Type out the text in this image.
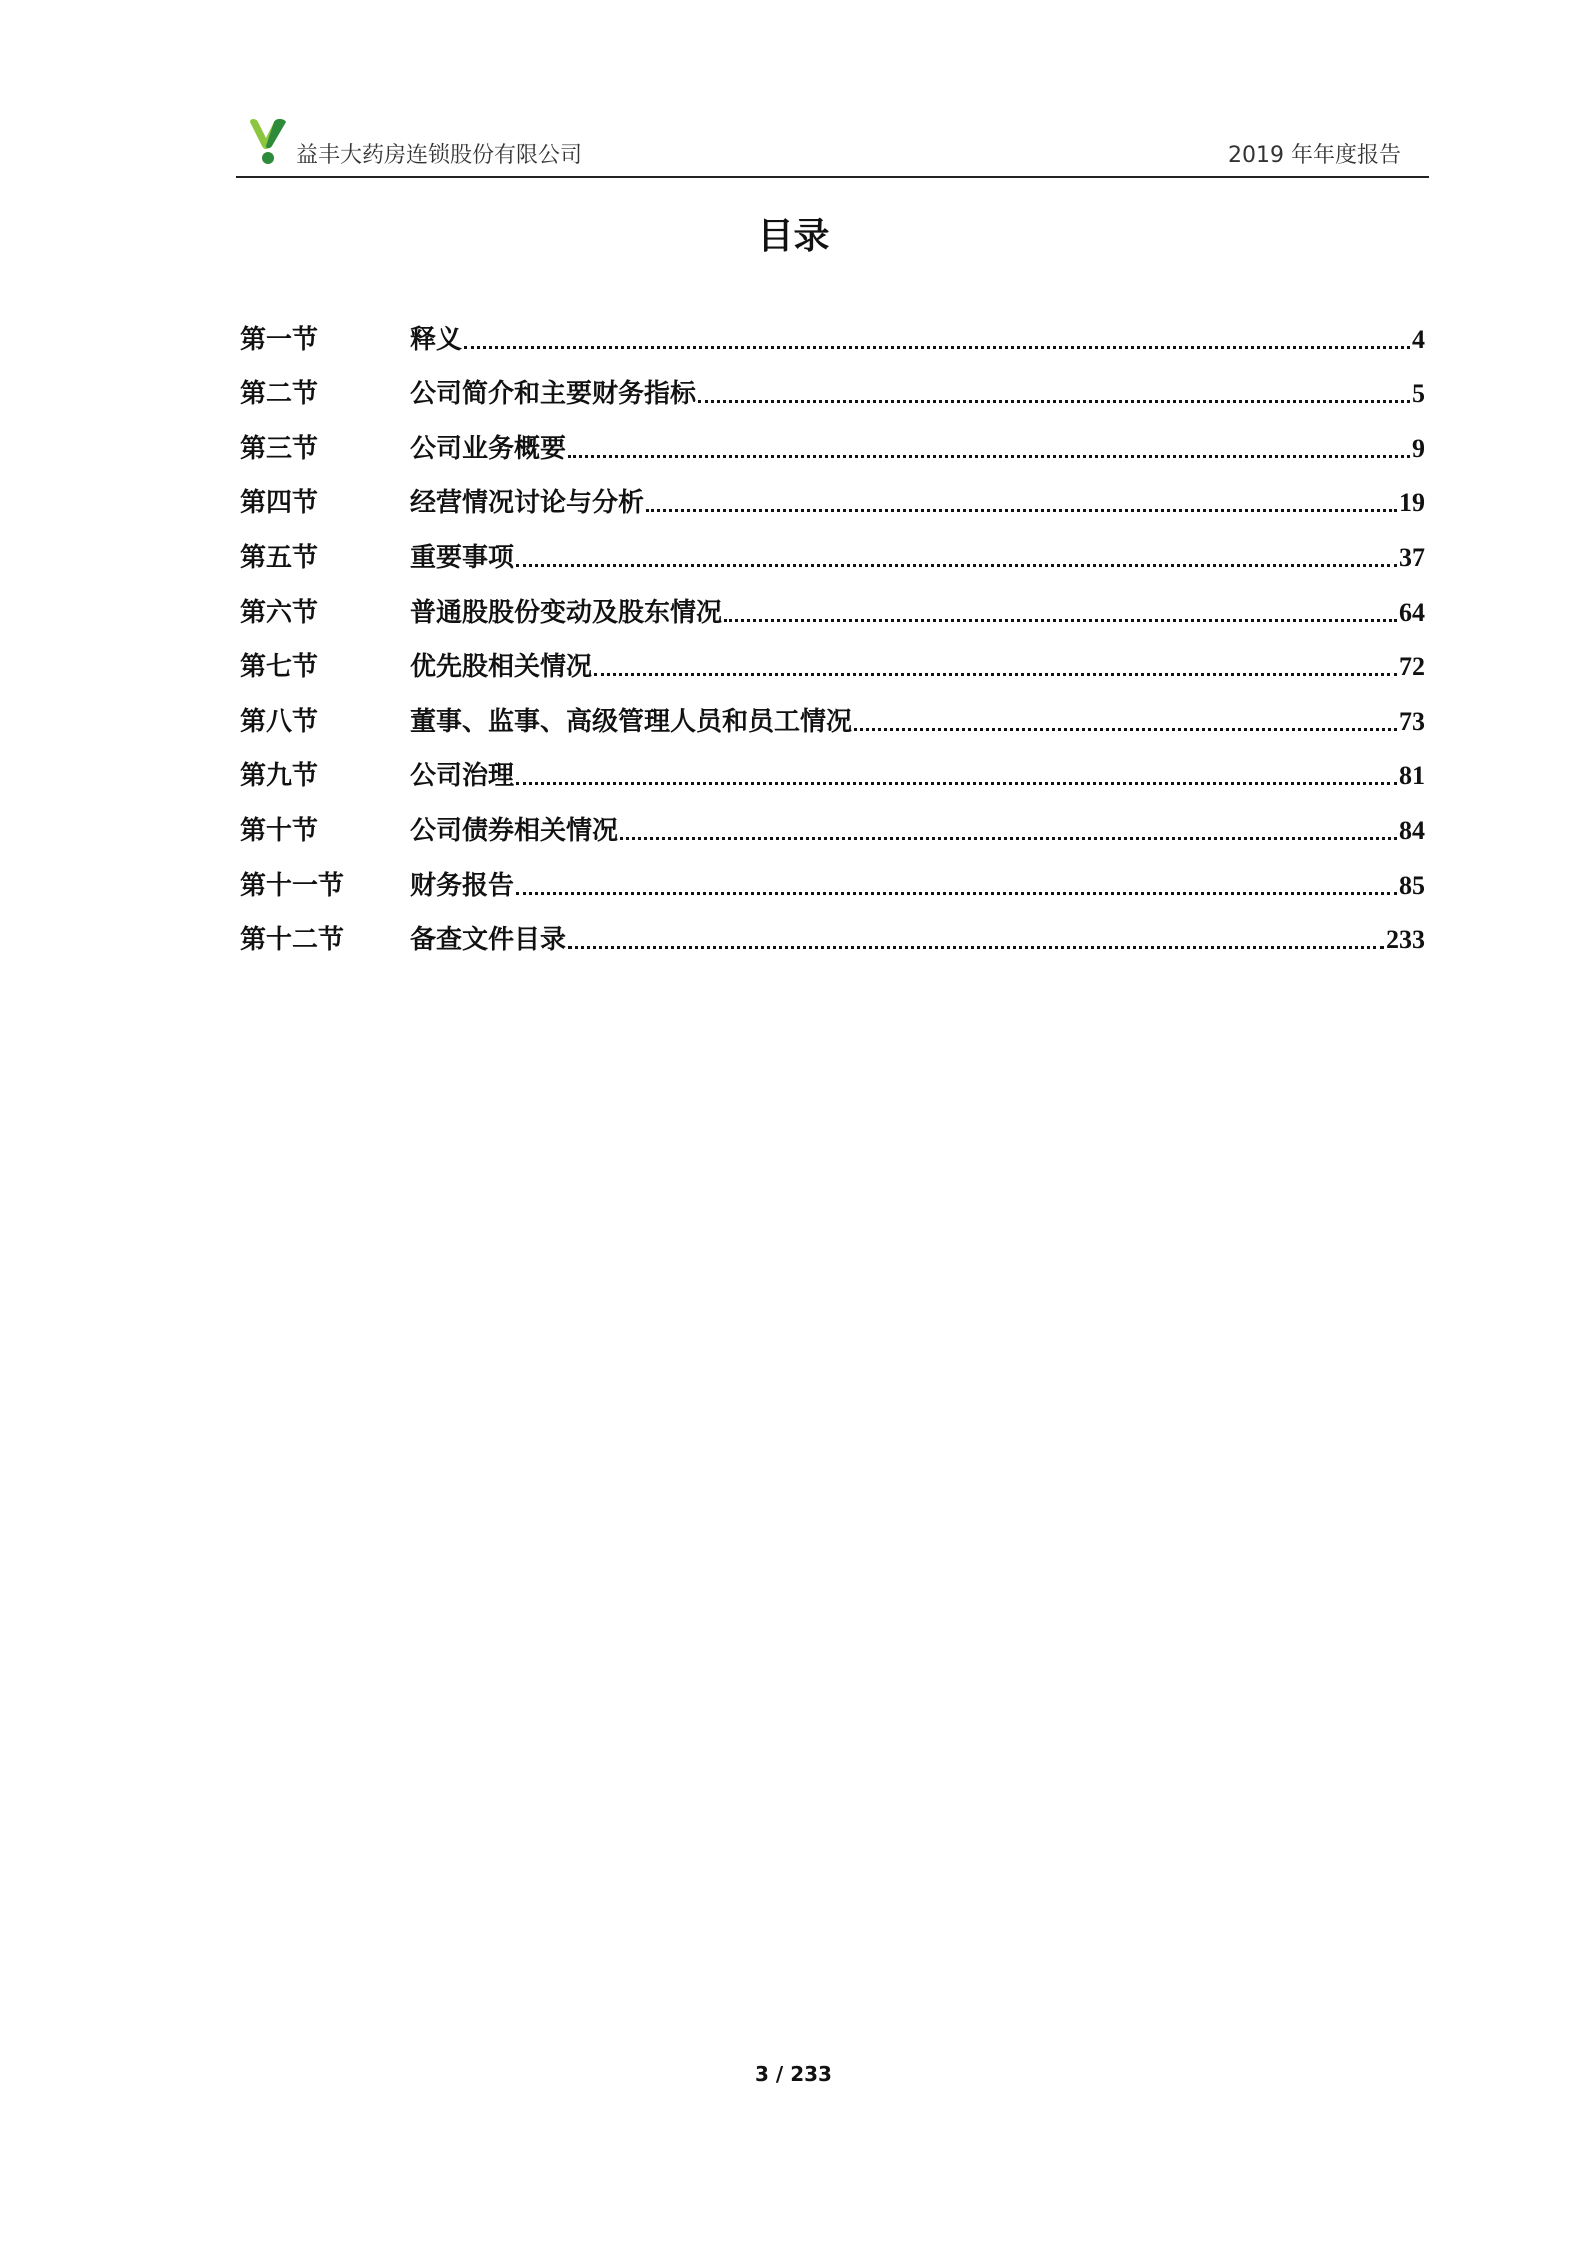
益丰大药房连锁股份有限公司	2019 年年度报告
目录
第一节	释义	4
第二节	公司简介和主要财务指标	5
第三节	公司业务概要	9
第四节	经营情况讨论与分析	19
第五节	重要事项	37
第六节	普通股股份变动及股东情况	64
第七节	优先股相关情况	72
第八节	董事、监事、高级管理人员和员工情况	73
第九节	公司治理	81
第十节	公司债券相关情况	84
第十一节	财务报告	85
第十二节	备查文件目录	233
3 / 233
